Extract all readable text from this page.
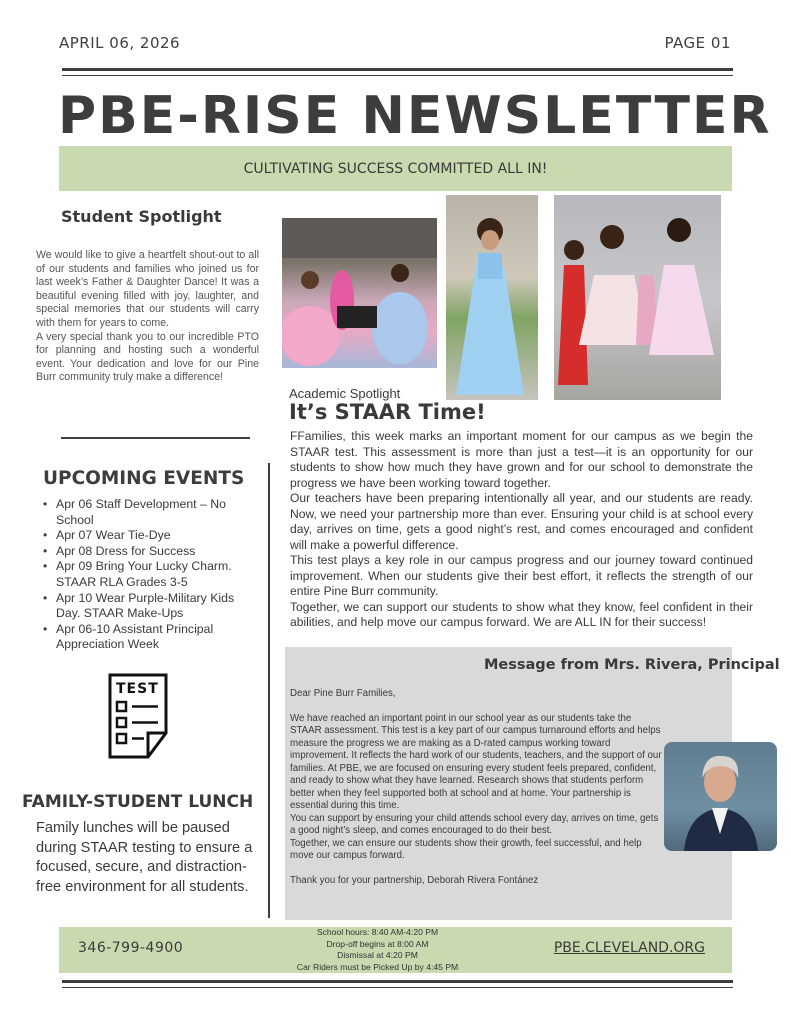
APRIL 06, 2026	PAGE 01
PBE-RISE NEWSLETTER
CULTIVATING SUCCESS COMMITTED ALL IN!
Student Spotlight

We would like to give a heartfelt shout-out to all of our students and families who joined us for last week’s Father & Daughter Dance! It was a beautiful evening filled with joy, laughter, and special memories that our students will carry with them for years to come.

A very special thank you to our incredible PTO for planning and hosting such a wonderful event. Your dedication and love for our Pine Burr community truly make a difference!

UPCOMING EVENTS
• Apr 06 Staff Development – No School
• Apr 07 Wear Tie-Dye
• Apr 08 Dress for Success
• Apr 09 Bring Your Lucky Charm. STAAR RLA Grades 3-5
• Apr 10 Wear Purple-Military Kids Day. STAAR Make-Ups
• Apr 06-10 Assistant Principal Appreciation Week
TEST
FAMILY-STUDENT LUNCH
Family lunches will be paused during STAAR testing to ensure a focused, secure, and distraction-free environment for all students.
Academic Spotlight
It’s STAAR Time!

FFamilies, this week marks an important moment for our campus as we begin the STAAR test. This assessment is more than just a test—it is an opportunity for our students to show how much they have grown and for our school to demonstrate the progress we have been working toward together.

Our teachers have been preparing intentionally all year, and our students are ready. Now, we need your partnership more than ever. Ensuring your child is at school every day, arrives on time, gets a good night’s rest, and comes encouraged and confident will make a powerful difference.

This test plays a key role in our campus progress and our journey toward continued improvement. When our students give their best effort, it reflects the strength of our entire Pine Burr community.

Together, we can support our students to show what they know, feel confident in their abilities, and help move our campus forward. We are ALL IN for their success!

Message from Mrs. Rivera, Principal

Dear Pine Burr Families,

We have reached an important point in our school year as our students take the STAAR assessment. This test is a key part of our campus turnaround efforts and helps measure the progress we are making as a D-rated campus working toward improvement. It reflects the hard work of our students, teachers, and the support of our families. At PBE, we are focused on ensuring every student feels prepared, confident, and ready to show what they have learned. Research shows that students perform better when they feel supported both at school and at home. Your partnership is essential during this time.

You can support by ensuring your child attends school every day, arrives on time, gets a good night’s sleep, and comes encouraged to do their best.

Together, we can ensure our students show their growth, feel successful, and help move our campus forward.

Thank you for your partnership, Deborah Rivera Fontánez

346-799-4900
School hours: 8:40 AM-4:20 PM
Drop-off begins at 8:00 AM
Dismissal at 4:20 PM
Car Riders must be Picked Up by 4:45 PM
PBE.CLEVELAND.ORG
